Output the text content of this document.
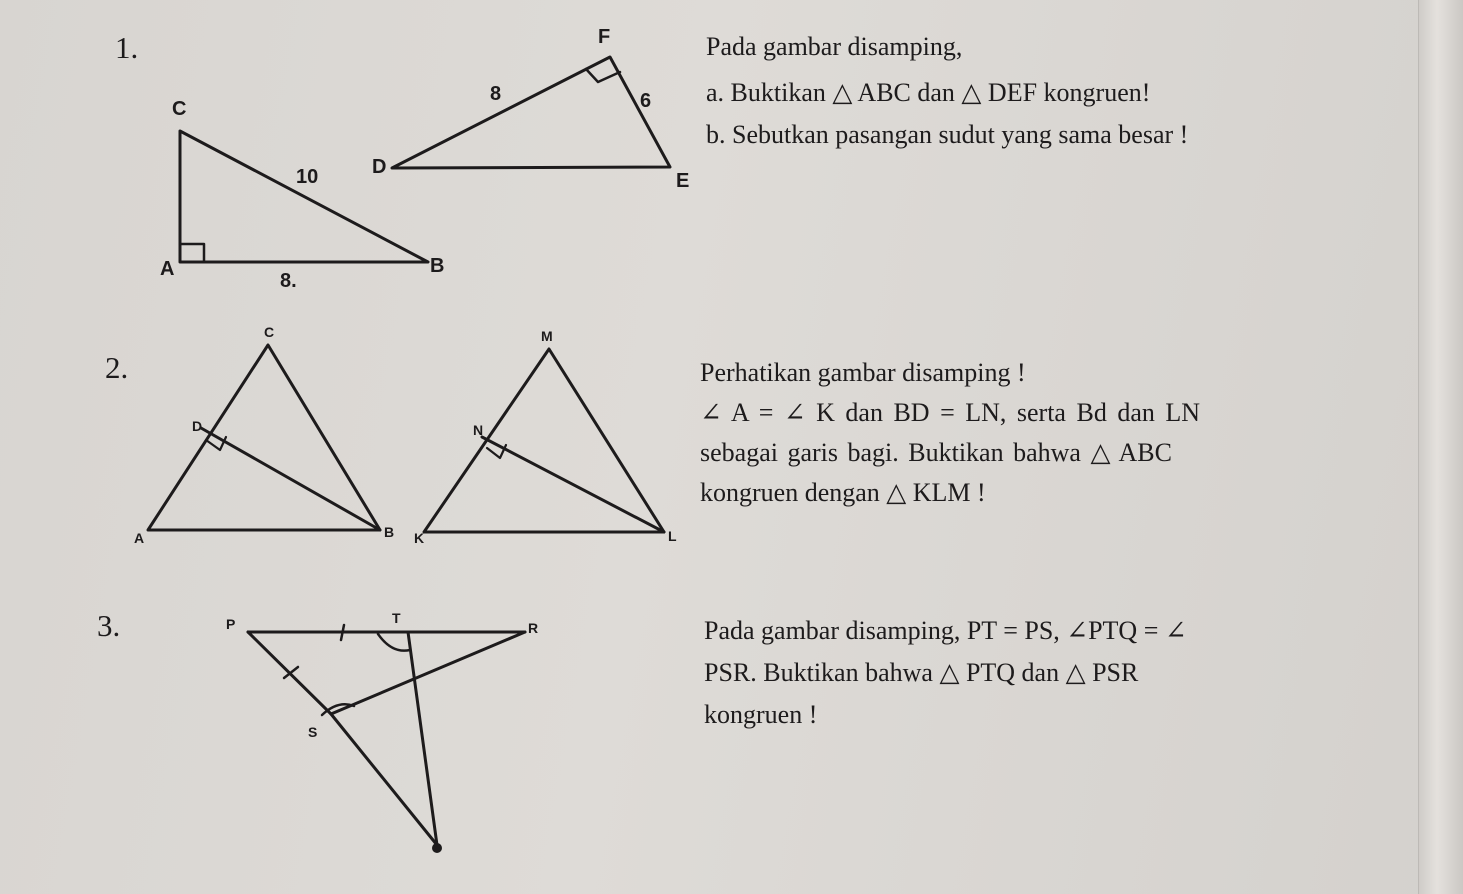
1.	F
C
D
E
A	B
8	6
10
8.
Pada gambar disamping,
a. Buktikan △ ABC dan △ DEF kongruen!
b. Sebutkan pasangan sudut yang sama besar !
2.
C
D
A	B
M
N
K	L
Perhatikan gambar disamping !
∠ A = ∠ K dan BD = LN, serta Bd dan LN
sebagai garis bagi. Buktikan bahwa △ ABC
kongruen dengan △ KLM !
3.	P	T
R
S
Pada gambar disamping, PT = PS, ∠PTQ = ∠
PSR. Buktikan bahwa △ PTQ dan △ PSR
kongruen !
